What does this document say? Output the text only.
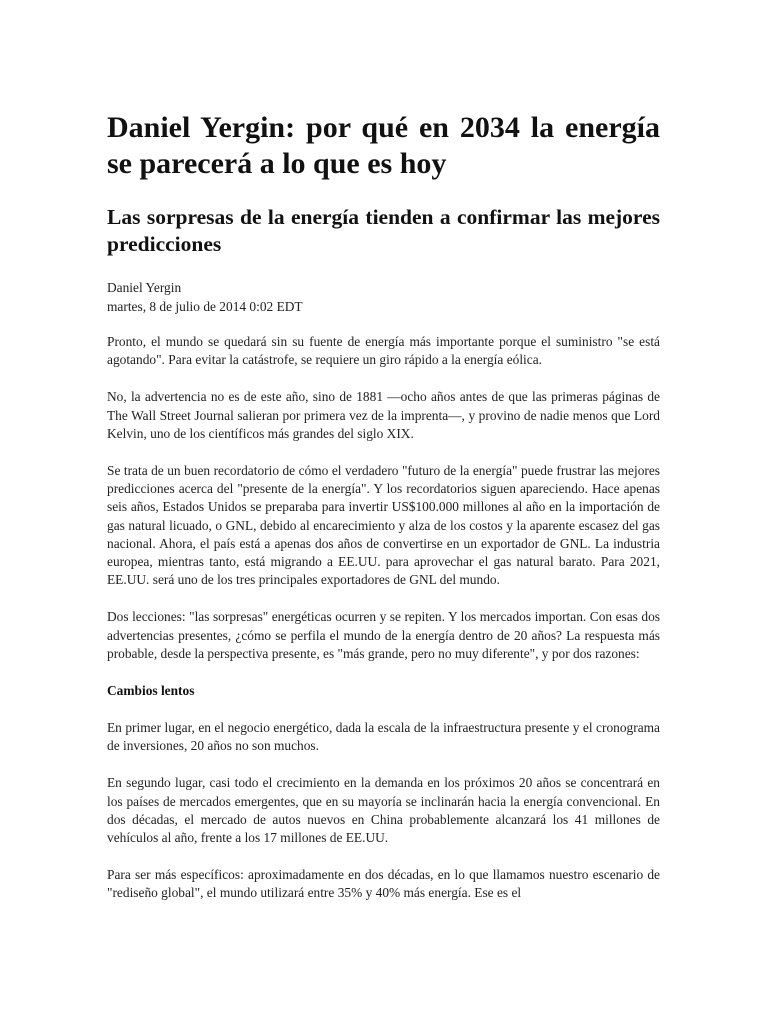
Daniel Yergin: por qué en 2034 la energía se parecerá a lo que es hoy
Las sorpresas de la energía tienden a confirmar las mejores predicciones
Daniel Yergin
martes, 8 de julio de 2014 0:02 EDT

Pronto, el mundo se quedará sin su fuente de energía más importante porque el suministro "se está agotando". Para evitar la catástrofe, se requiere un giro rápido a la energía eólica.

No, la advertencia no es de este año, sino de 1881 —ocho años antes de que las primeras páginas de The Wall Street Journal salieran por primera vez de la imprenta—, y provino de nadie menos que Lord Kelvin, uno de los científicos más grandes del siglo XIX.

Se trata de un buen recordatorio de cómo el verdadero "futuro de la energía" puede frustrar las mejores predicciones acerca del "presente de la energía". Y los recordatorios siguen apareciendo. Hace apenas seis años, Estados Unidos se preparaba para invertir US$100.000 millones al año en la importación de gas natural licuado, o GNL, debido al encarecimiento y alza de los costos y la aparente escasez del gas nacional. Ahora, el país está a apenas dos años de convertirse en un exportador de GNL. La industria europea, mientras tanto, está migrando a EE.UU. para aprovechar el gas natural barato. Para 2021, EE.UU. será uno de los tres principales exportadores de GNL del mundo.

Dos lecciones: "las sorpresas" energéticas ocurren y se repiten. Y los mercados importan. Con esas dos advertencias presentes, ¿cómo se perfila el mundo de la energía dentro de 20 años? La respuesta más probable, desde la perspectiva presente, es "más grande, pero no muy diferente", y por dos razones:

Cambios lentos

En primer lugar, en el negocio energético, dada la escala de la infraestructura presente y el cronograma de inversiones, 20 años no son muchos.

En segundo lugar, casi todo el crecimiento en la demanda en los próximos 20 años se concentrará en los países de mercados emergentes, que en su mayoría se inclinarán hacia la energía convencional. En dos décadas, el mercado de autos nuevos en China probablemente alcanzará los 41 millones de vehículos al año, frente a los 17 millones de EE.UU.

Para ser más específicos: aproximadamente en dos décadas, en lo que llamamos nuestro escenario de "rediseño global", el mundo utilizará entre 35% y 40% más energía. Ese es el
